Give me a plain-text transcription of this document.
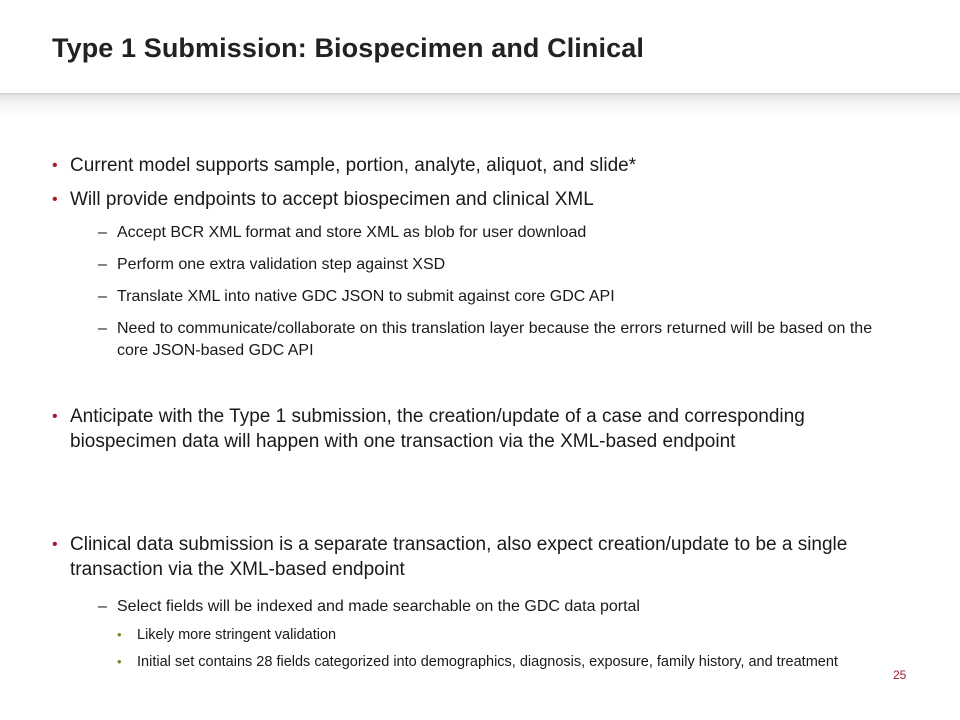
Type 1 Submission: Biospecimen and Clinical
• Current model supports sample, portion, analyte, aliquot, and slide*
• Will provide endpoints to accept biospecimen and clinical XML
– Accept BCR XML format and store XML as blob for user download
– Perform one extra validation step against XSD
– Translate XML into native GDC JSON to submit against core GDC API
– Need to communicate/collaborate on this translation layer because the errors returned will be based on the core JSON-based GDC API
• Anticipate with the Type 1 submission, the creation/update of a case and corresponding biospecimen data will happen with one transaction via the XML-based endpoint
• Clinical data submission is a separate transaction, also expect creation/update to be a single transaction via the XML-based endpoint
– Select fields will be indexed and made searchable on the GDC data portal
• Likely more stringent validation
• Initial set contains 28 fields categorized into demographics, diagnosis, exposure, family history, and treatment
25
